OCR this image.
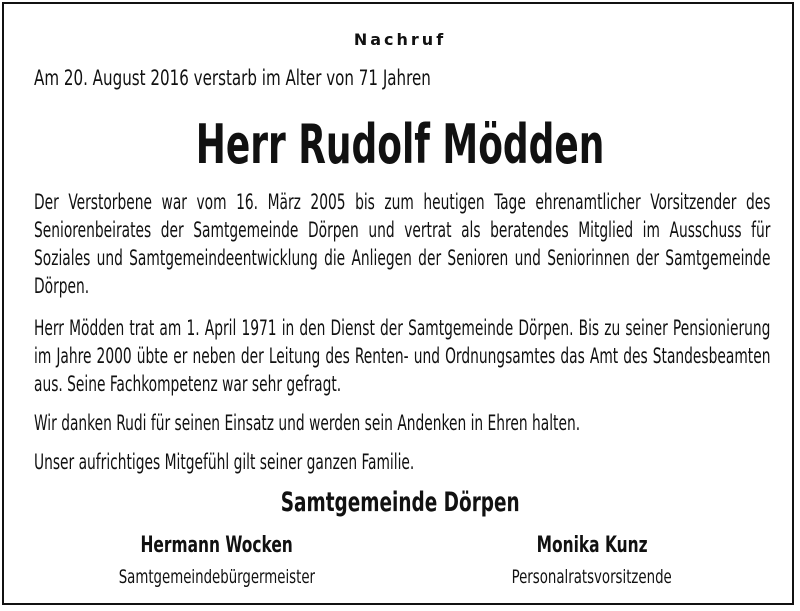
Nachruf
Am 20. August 2016 verstarb im Alter von 71 Jahren
Herr Rudolf Mödden
Der Verstorbene war vom 16. März 2005 bis zum heutigen Tage ehrenamtlicher Vorsitzender des Seniorenbeirates der Samtgemeinde Dörpen und vertrat als beratendes Mitglied im Ausschuss für Soziales und Samtgemeindeentwicklung die Anliegen der Senioren und Seniorinnen der Samtgemeinde Dörpen.
Herr Mödden trat am 1. April 1971 in den Dienst der Samtgemeinde Dörpen. Bis zu seiner Pensionierung im Jahre 2000 übte er neben der Leitung des Renten- und Ordnungsamtes das Amt des Standesbeamten aus. Seine Fachkompetenz war sehr gefragt.
Wir danken Rudi für seinen Einsatz und werden sein Andenken in Ehren halten.
Unser aufrichtiges Mitgefühl gilt seiner ganzen Familie.
Samtgemeinde Dörpen
Hermann Wocken
Samtgemeindebürgermeister
Monika Kunz
Personalratsvorsitzende
